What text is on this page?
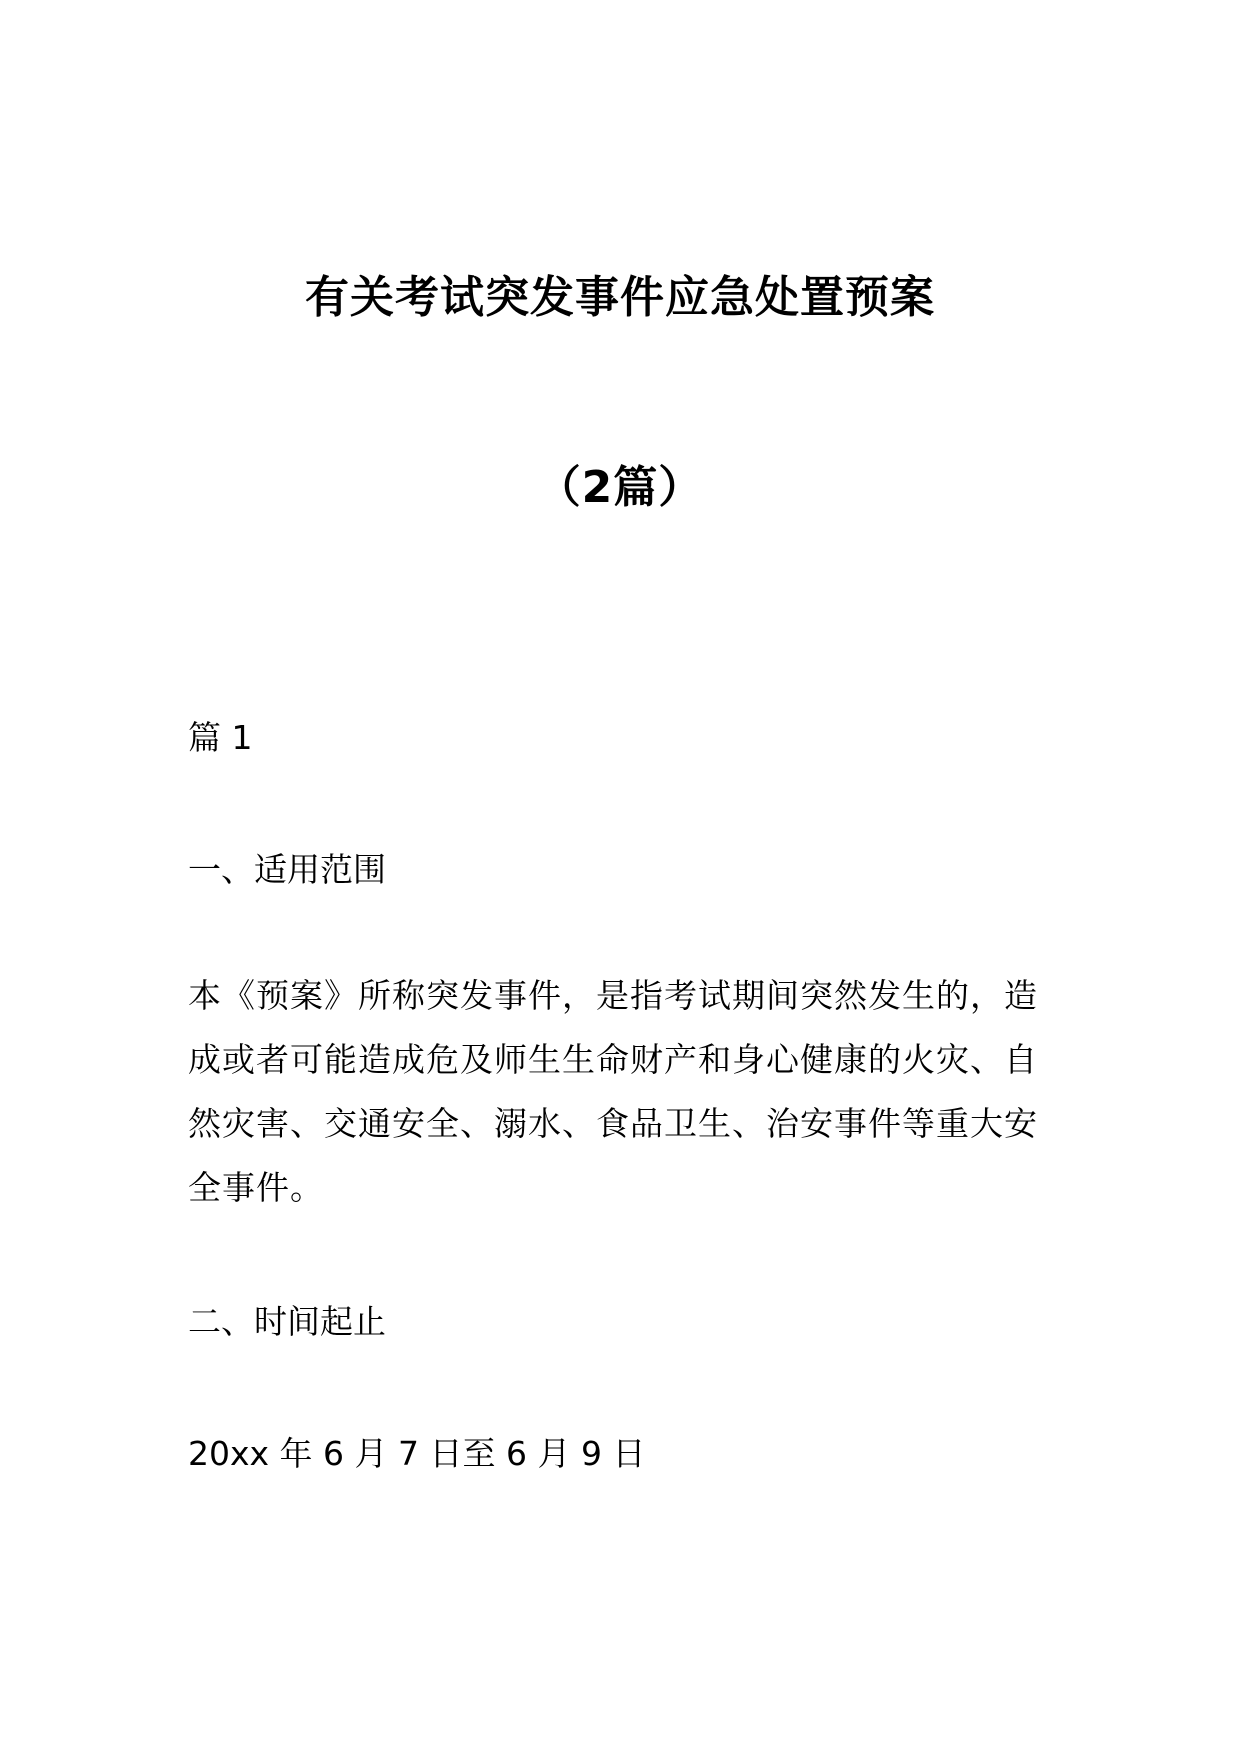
有关考试突发事件应急处置预案
（2篇）

篇 1

一、适用范围

本《预案》所称突发事件，是指考试期间突然发生的，造成或者可能造成危及师生生命财产和身心健康的火灾、自然灾害、交通安全、溺水、食品卫生、治安事件等重大安全事件。

二、时间起止

20xx 年 6 月 7 日至 6 月 9 日
